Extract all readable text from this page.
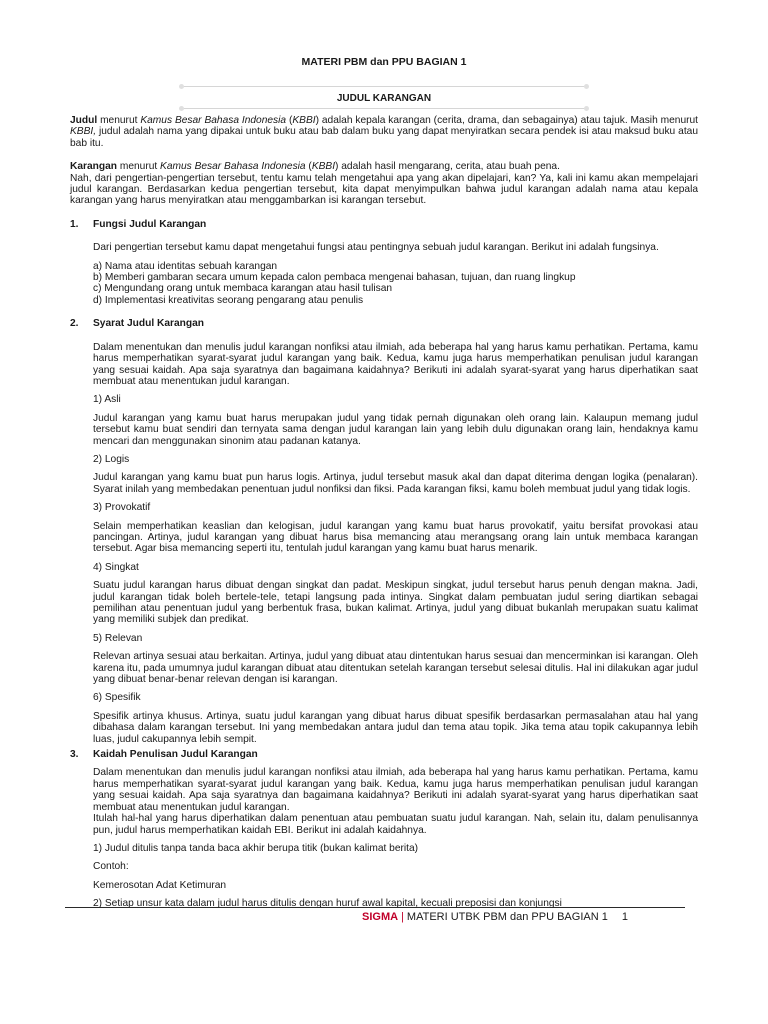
MATERI PBM dan PPU BAGIAN 1
JUDUL KARANGAN

Judul menurut Kamus Besar Bahasa Indonesia (KBBI) adalah kepala karangan (cerita, drama, dan sebagainya) atau tajuk. Masih menurut KBBI, judul adalah nama yang dipakai untuk buku atau bab dalam buku yang dapat menyiratkan secara pendek isi atau maksud buku atau bab itu.

Karangan menurut Kamus Besar Bahasa Indonesia (KBBI) adalah hasil mengarang, cerita, atau buah pena.

Nah, dari pengertian-pengertian tersebut, tentu kamu telah mengetahui apa yang akan dipelajari, kan? Ya, kali ini kamu akan mempelajari judul karangan. Berdasarkan kedua pengertian tersebut, kita dapat menyimpulkan bahwa judul karangan adalah nama atau kepala karangan yang harus menyiratkan atau menggambarkan isi karangan tersebut.

1.	Fungsi Judul Karangan

Dari pengertian tersebut kamu dapat mengetahui fungsi atau pentingnya sebuah judul karangan. Berikut ini adalah fungsinya.

a) Nama atau identitas sebuah karangan

b) Memberi gambaran secara umum kepada calon pembaca mengenai bahasan, tujuan, dan ruang lingkup

c) Mengundang orang untuk membaca karangan atau hasil tulisan

d) Implementasi kreativitas seorang pengarang atau penulis

2.	Syarat Judul Karangan

Dalam menentukan dan menulis judul karangan nonfiksi atau ilmiah, ada beberapa hal yang harus kamu perhatikan. Pertama, kamu harus memperhatikan syarat-syarat judul karangan yang baik. Kedua, kamu juga harus memperhatikan penulisan judul karangan yang sesuai kaidah. Apa saja syaratnya dan bagaimana kaidahnya? Berikuti ini adalah syarat-syarat yang harus diperhatikan saat membuat atau menentukan judul karangan.

1) Asli

Judul karangan yang kamu buat harus merupakan judul yang tidak pernah digunakan oleh orang lain. Kalaupun memang judul tersebut kamu buat sendiri dan ternyata sama dengan judul karangan lain yang lebih dulu digunakan orang lain, hendaknya kamu mencari dan menggunakan sinonim atau padanan katanya.

2) Logis

Judul karangan yang kamu buat pun harus logis. Artinya, judul tersebut masuk akal dan dapat diterima dengan logika (penalaran). Syarat inilah yang membedakan penentuan judul nonfiksi dan fiksi. Pada karangan fiksi, kamu boleh membuat judul yang tidak logis.

3) Provokatif

Selain memperhatikan keaslian dan kelogisan, judul karangan yang kamu buat harus provokatif, yaitu bersifat provokasi atau pancingan. Artinya, judul karangan yang dibuat harus bisa memancing atau merangsang orang lain untuk membaca karangan tersebut. Agar bisa memancing seperti itu, tentulah judul karangan yang kamu buat harus menarik.

4) Singkat

Suatu judul karangan harus dibuat dengan singkat dan padat. Meskipun singkat, judul tersebut harus penuh dengan makna. Jadi, judul karangan tidak boleh bertele-tele, tetapi langsung pada intinya. Singkat dalam pembuatan judul sering diartikan sebagai pemilihan atau penentuan judul yang berbentuk frasa, bukan kalimat. Artinya, judul yang dibuat bukanlah merupakan suatu kalimat yang memiliki subjek dan predikat.

5) Relevan

Relevan artinya sesuai atau berkaitan. Artinya, judul yang dibuat atau dintentukan harus sesuai dan mencerminkan isi karangan. Oleh karena itu, pada umumnya judul karangan dibuat atau ditentukan setelah karangan tersebut selesai ditulis. Hal ini dilakukan agar judul yang dibuat benar-benar relevan dengan isi karangan.

6) Spesifik

Spesifik artinya khusus. Artinya, suatu judul karangan yang dibuat harus dibuat spesifik berdasarkan permasalahan atau hal yang dibahasa dalam karangan tersebut. Ini yang membedakan antara judul dan tema atau topik. Jika tema atau topik cakupannya lebih luas, judul cakupannya lebih sempit.

3.	Kaidah Penulisan Judul Karangan

Dalam menentukan dan menulis judul karangan nonfiksi atau ilmiah, ada beberapa hal yang harus kamu perhatikan. Pertama, kamu harus memperhatikan syarat-syarat judul karangan yang baik. Kedua, kamu juga harus memperhatikan penulisan judul karangan yang sesuai kaidah. Apa saja syaratnya dan bagaimana kaidahnya? Berikuti ini adalah syarat-syarat yang harus diperhatikan saat membuat atau menentukan judul karangan.

Itulah hal-hal yang harus diperhatikan dalam penentuan atau pembuatan suatu judul karangan. Nah, selain itu, dalam penulisannya pun, judul harus memperhatikan kaidah EBI. Berikut ini adalah kaidahnya.

1) Judul ditulis tanpa tanda baca akhir berupa titik (bukan kalimat berita)

Contoh:

Kemerosotan Adat Ketimuran

2) Setiap unsur kata dalam judul harus ditulis dengan huruf awal kapital, kecuali preposisi dan konjungsi

SIGMA | MATERI UTBK PBM dan PPU BAGIAN 1 1
